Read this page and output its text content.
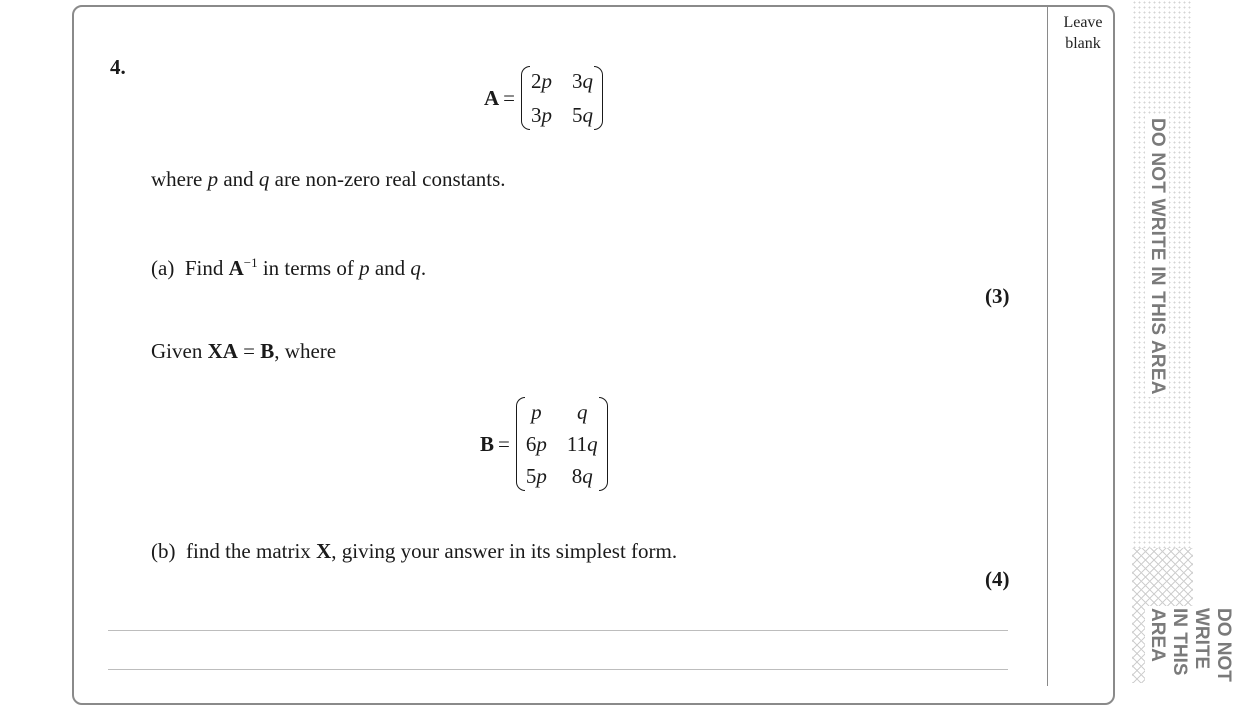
Leave
blank
DO NOT WRITE IN THIS AREA
DO NOT WRITE IN THIS AREA
4.
A =
2p 3q
3p 5q
where p and q are non-zero real constants.
(a) Find $A^{-1}$ in terms of p and q.
(3)
Given XA = B, where
B =
p	q
6p 11q
5p 8q
(b) find the matrix X, giving your answer in its simplest form.
(4)
